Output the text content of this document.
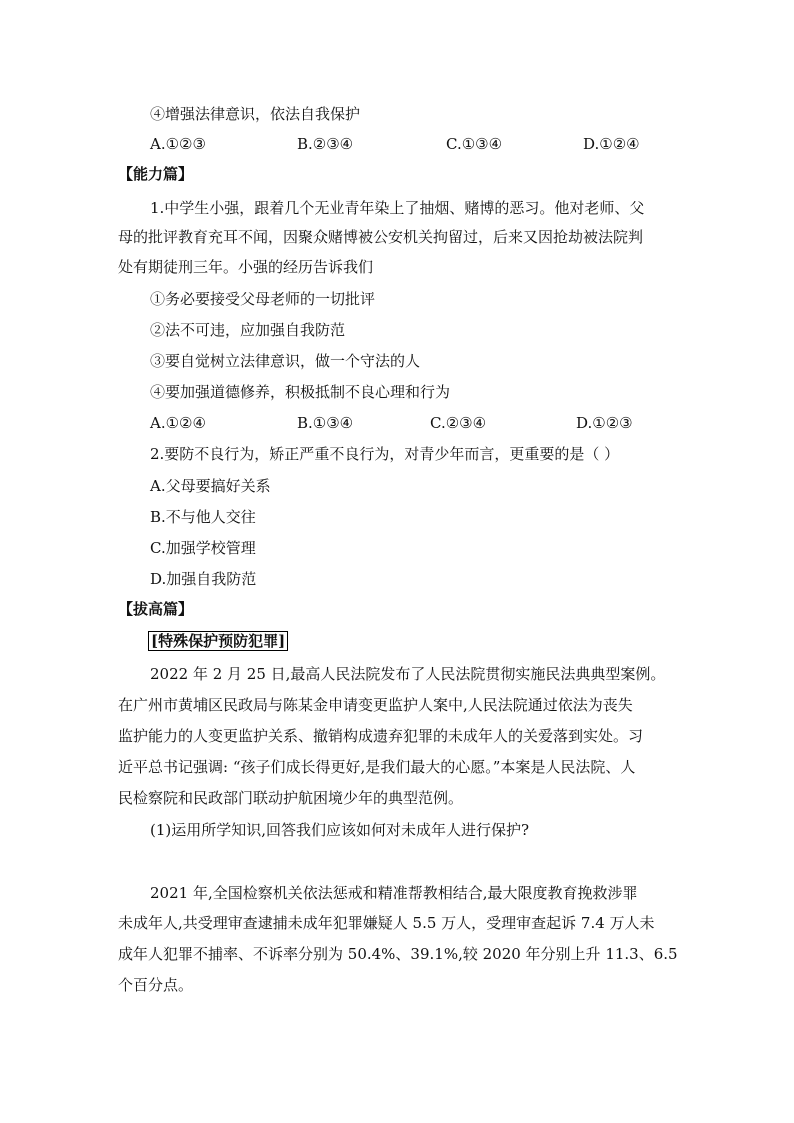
④增强法律意识，依法自我保护
A.①②③	B.②③④	C.①③④	D.①②④
【能力篇】
1.中学生小强，跟着几个无业青年染上了抽烟、赌博的恶习。他对老师、父
母的批评教育充耳不闻，因聚众赌博被公安机关拘留过，后来又因抢劫被法院判
处有期徒刑三年。小强的经历告诉我们
①务必要接受父母老师的一切批评
②法不可违，应加强自我防范
③要自觉树立法律意识，做一个守法的人
④要加强道德修养，积极抵制不良心理和行为
A.①②④	B.①③④	C.②③④	D.①②③
2.要防不良行为，矫正严重不良行为，对青少年而言，更重要的是（ ）
A.父母要搞好关系
B.不与他人交往
C.加强学校管理
D.加强自我防范
【拔高篇】
[特殊保护预防犯罪]
2022 年 2 月 25 日,最高人民法院发布了人民法院贯彻实施民法典典型案例。
在广州市黄埔区民政局与陈某金申请变更监护人案中,人民法院通过依法为丧失
监护能力的人变更监护关系、撤销构成遗弃犯罪的未成年人的关爱落到实处。习
近平总书记强调: “孩子们成长得更好,是我们最大的心愿。”本案是人民法院、人
民检察院和民政部门联动护航困境少年的典型范例。
(1)运用所学知识,回答我们应该如何对未成年人进行保护?
2021 年,全国检察机关依法惩戒和精准帮教相结合,最大限度教育挽救涉罪
未成年人,共受理审查逮捕未成年犯罪嫌疑人 5.5 万人，受理审查起诉 7.4 万人未
成年人犯罪不捕率、不诉率分别为 50.4%、39.1%,较 2020 年分别上升 11.3、6.5
个百分点。
